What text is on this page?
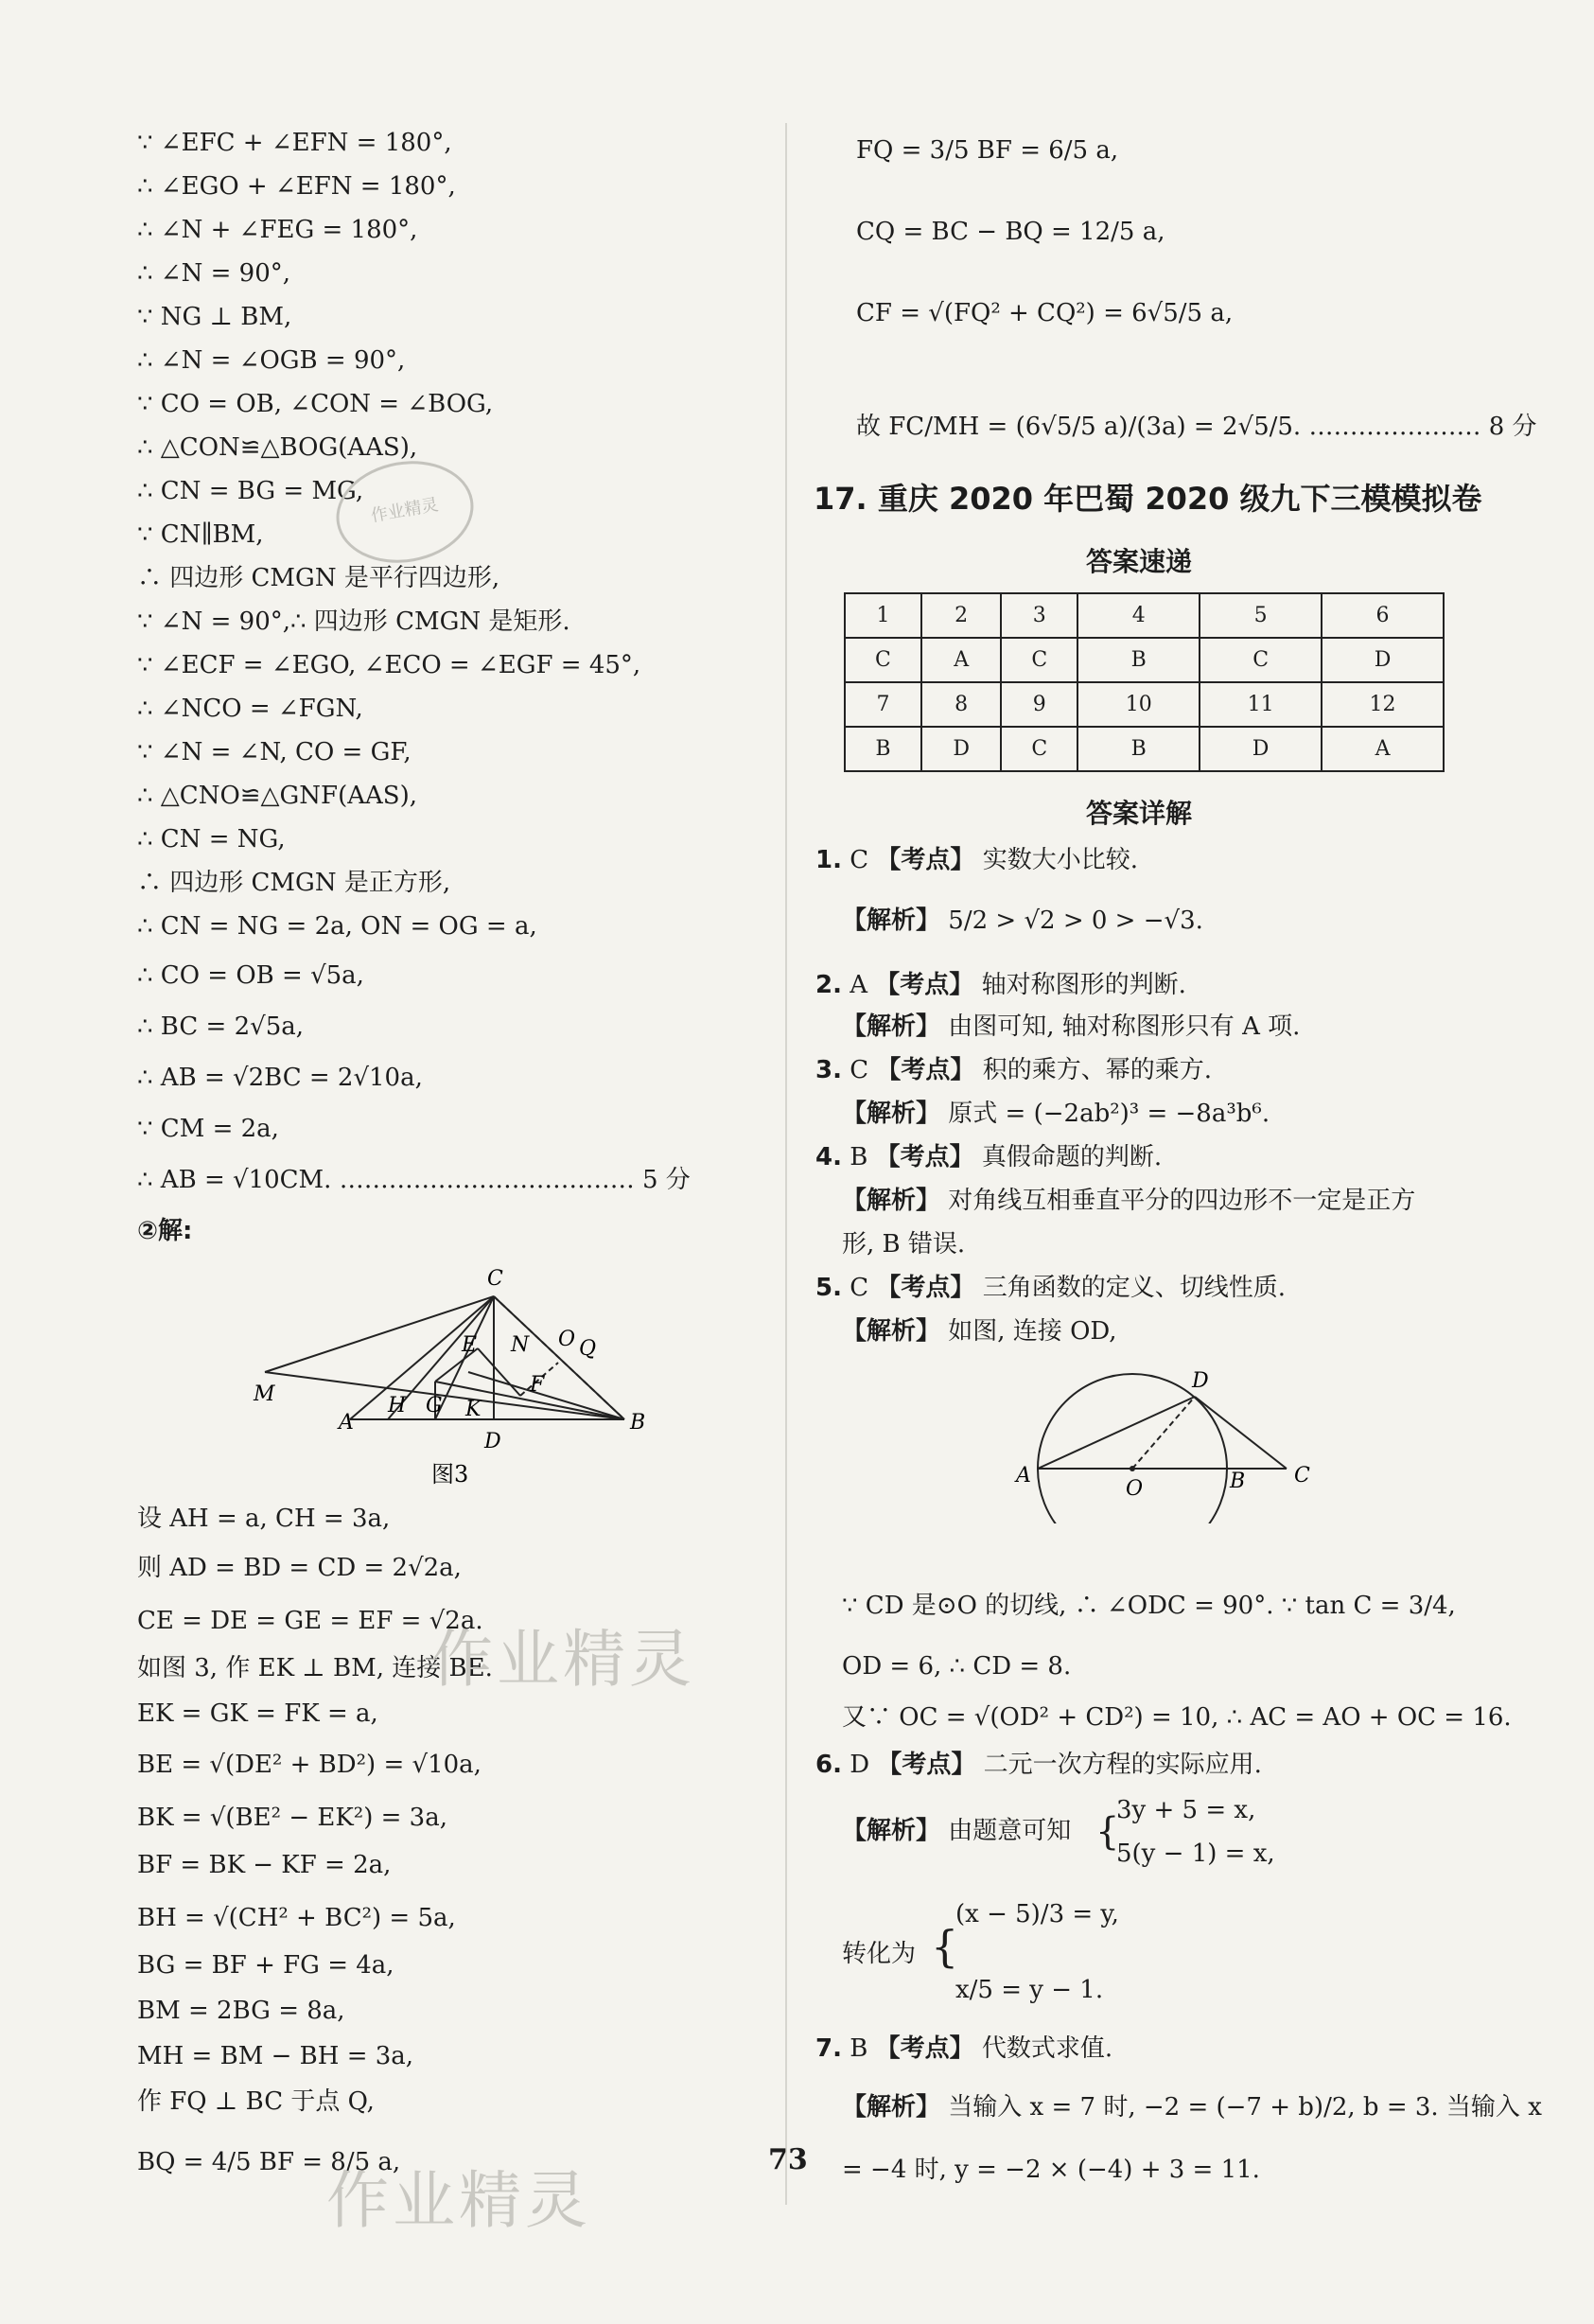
∵ ∠EFC + ∠EFN = 180°,
∴ ∠EGO + ∠EFN = 180°,
∴ ∠N + ∠FEG = 180°,
∴ ∠N = 90°,
∵ NG ⊥ BM,
∴ ∠N = ∠OGB = 90°,
∵ CO = OB, ∠CON = ∠BOG,
∴ △CON≌△BOG(AAS),
∴ CN = BG = MG,
∵ CN∥BM,
∴ 四边形 CMGN 是平行四边形,
∵ ∠N = 90°,∴ 四边形 CMGN 是矩形.
∵ ∠ECF = ∠EGO, ∠ECO = ∠EGF = 45°,
∴ ∠NCO = ∠FGN,
∵ ∠N = ∠N, CO = GF,
∴ △CNO≌△GNF(AAS),
∴ CN = NG,
∴ 四边形 CMGN 是正方形,
∴ CN = NG = 2a, ON = OG = a,
∴ CO = OB = √5a,
∴ BC = 2√5a,
∴ AB = √2BC = 2√10a,
∵ CM = 2a,
∴ AB = √10CM. ……………………………… 5 分
②解:
C
E N O Q
F
M
A
H G K
D
B
图3
设 AH = a, CH = 3a,
则 AD = BD = CD = 2√2a,
CE = DE = GE = EF = √2a.
如图 3, 作 EK ⊥ BM, 连接 BE.
EK = GK = FK = a,
BE = √(DE² + BD²) = √10a,
BK = √(BE² − EK²) = 3a,
BF = BK − KF = 2a,
BH = √(CH² + BC²) = 5a,
BG = BF + FG = 4a,
BM = 2BG = 8a,
MH = BM − BH = 3a,
作 FQ ⊥ BC 于点 Q,
BQ = 4/5 BF = 8/5 a,
作业精灵
作业精灵
作业精灵
FQ = 3/5 BF = 6/5 a,
CQ = BC − BQ = 12/5 a,
CF = √(FQ² + CQ²) = 6√5/5 a,
故 FC/MH = (6√5/5 a)/(3a) = 2√5/5. ………………… 8 分
17. 重庆 2020 年巴蜀 2020 级九下三模模拟卷
答案速递
1	2	3	4	5	6
C	A	C	B	C	D
7	8	9	10	11	12
B	D	C	B	D	A
答案详解
1. C 【考点】 实数大小比较.
【解析】 5/2 > √2 > 0 > −√3.
2. A 【考点】 轴对称图形的判断.
【解析】 由图可知, 轴对称图形只有 A 项.
3. C 【考点】 积的乘方、幂的乘方.
【解析】 原式 = (−2ab²)³ = −8a³b⁶.
4. B 【考点】 真假命题的判断.
【解析】 对角线互相垂直平分的四边形不一定是正方
形, B 错误.
5. C 【考点】 三角函数的定义、切线性质.
【解析】 如图, 连接 OD,
D
A
O	B C
∵ CD 是⊙O 的切线, ∴ ∠ODC = 90°. ∵ tan C = 3/4,
OD = 6, ∴ CD = 8.
又∵ OC = √(OD² + CD²) = 10, ∴ AC = AO + OC = 16.
6. D 【考点】 二元一次方程的实际应用.
【解析】 由题意可知 {
3y + 5 = x,
5(y − 1) = x,
转化为 {
(x − 5)/3 = y,
x/5 = y − 1.
7. B 【考点】 代数式求值.
【解析】 当输入 x = 7 时, −2 = (−7 + b)/2, b = 3. 当输入 x
= −4 时, y = −2 × (−4) + 3 = 11.
73
